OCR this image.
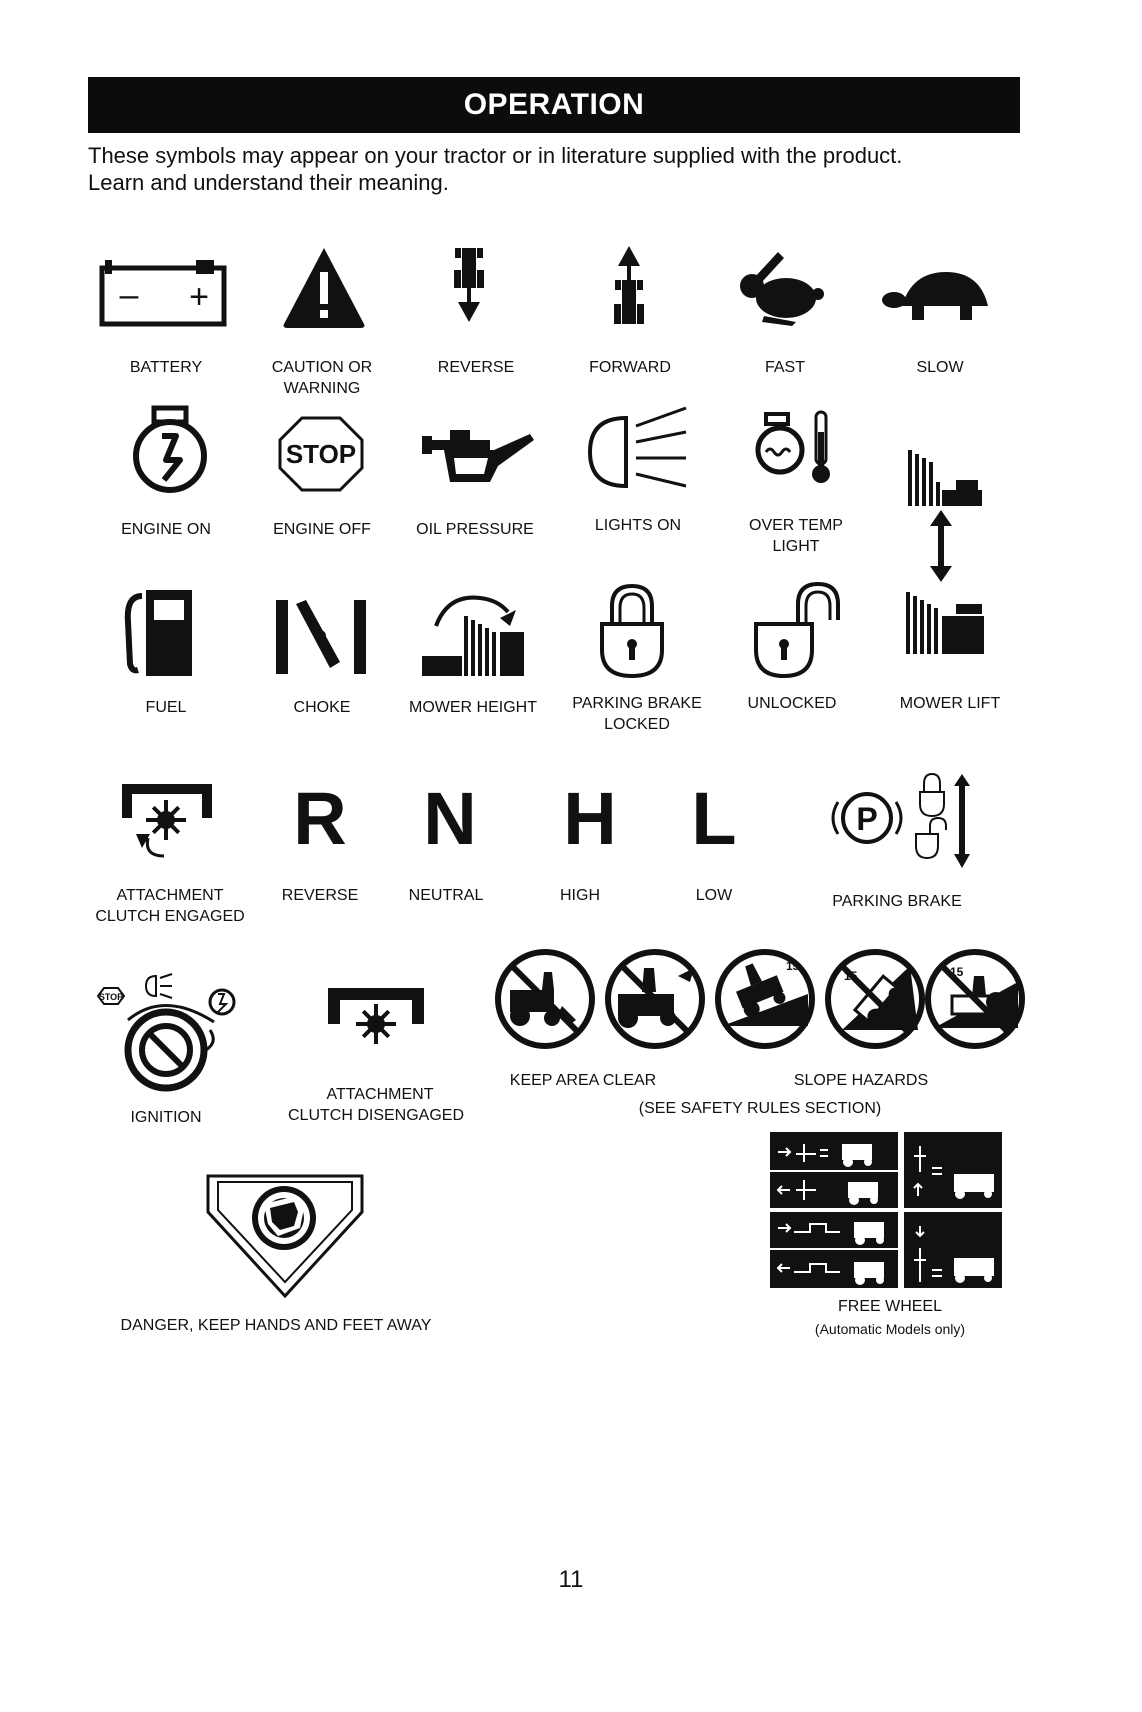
OPERATION
These symbols may appear on your tractor or in literature supplied with the product.
Learn and understand their meaning.
– +
BATTERY	CAUTION OR
WARNING
REVERSE	FORWARD	FAST	SLOW
STOP
ENGINE ON	ENGINE OFF	OIL PRESSURE	LIGHTS ON	OVER TEMP
LIGHT
FUEL	CHOKE	MOWER HEIGHT	PARKING BRAKE
LOCKED
UNLOCKED	MOWER LIFT
R	N	H	L	P
ATTACHMENT
CLUTCH ENGAGED
REVERSE	NEUTRAL	HIGH	LOW	PARKING BRAKE
STOP
15
15	15
IGNITION
ATTACHMENT
CLUTCH DISENGAGED
KEEP AREA CLEAR	SLOPE HAZARDS
(SEE SAFETY RULES SECTION)
DANGER, KEEP HANDS AND FEET AWAY
FREE WHEEL
(Automatic Models only)
11
